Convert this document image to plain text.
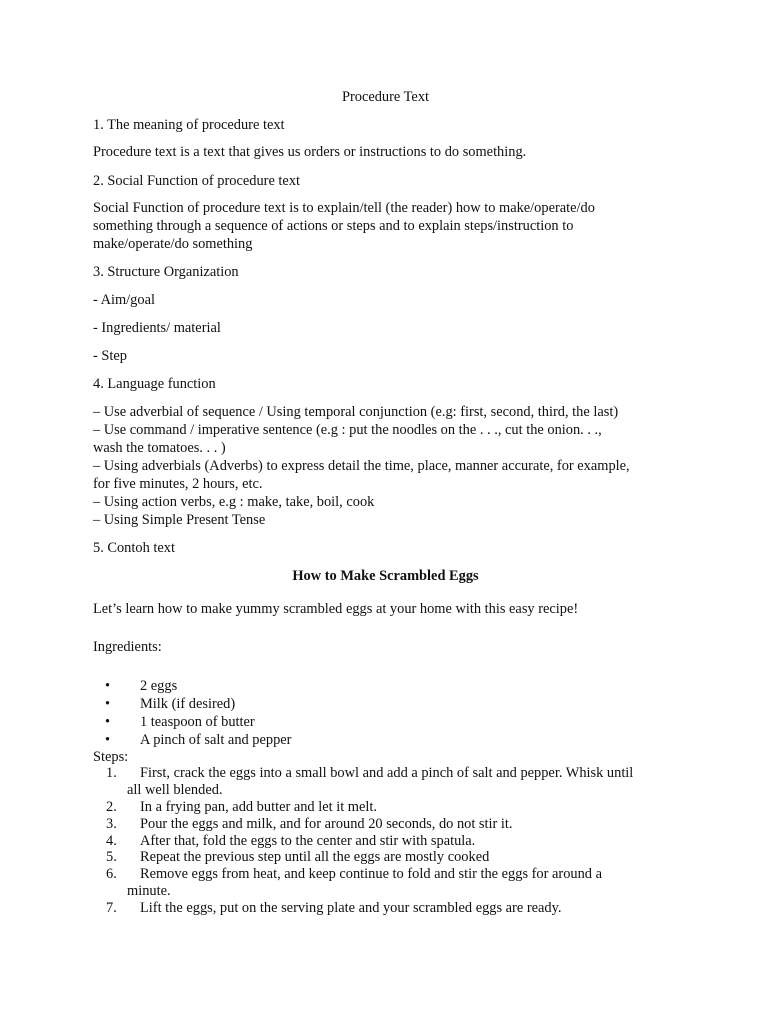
Procedure Text
1. The meaning of procedure text
Procedure text is a text that gives us orders or instructions to do something.
2. Social Function of procedure text
Social Function of procedure text is to explain/tell (the reader) how to make/operate/do
something through a sequence of actions or steps and to explain steps/instruction to
make/operate/do something
3. Structure Organization
- Aim/goal
- Ingredients/ material
- Step
4. Language function
– Use adverbial of sequence / Using temporal conjunction (e.g: first, second, third, the last)
– Use command / imperative sentence (e.g : put the noodles on the . . ., cut the onion. . .,
wash the tomatoes. . . )
– Using adverbials (Adverbs) to express detail the time, place, manner accurate, for example,
for five minutes, 2 hours, etc.
– Using action verbs, e.g : make, take, boil, cook
– Using Simple Present Tense
5. Contoh text
How to Make Scrambled Eggs
Let’s learn how to make yummy scrambled eggs at your home with this easy recipe!
Ingredients:
• 2 eggs
• Milk (if desired)
• 1 teaspoon of butter
• A pinch of salt and pepper
Steps:
1. First, crack the eggs into a small bowl and add a pinch of salt and pepper. Whisk until
all well blended.
2. In a frying pan, add butter and let it melt.
3. Pour the eggs and milk, and for around 20 seconds, do not stir it.
4. After that, fold the eggs to the center and stir with spatula.
5. Repeat the previous step until all the eggs are mostly cooked
6. Remove eggs from heat, and keep continue to fold and stir the eggs for around a
minute.
7. Lift the eggs, put on the serving plate and your scrambled eggs are ready.
